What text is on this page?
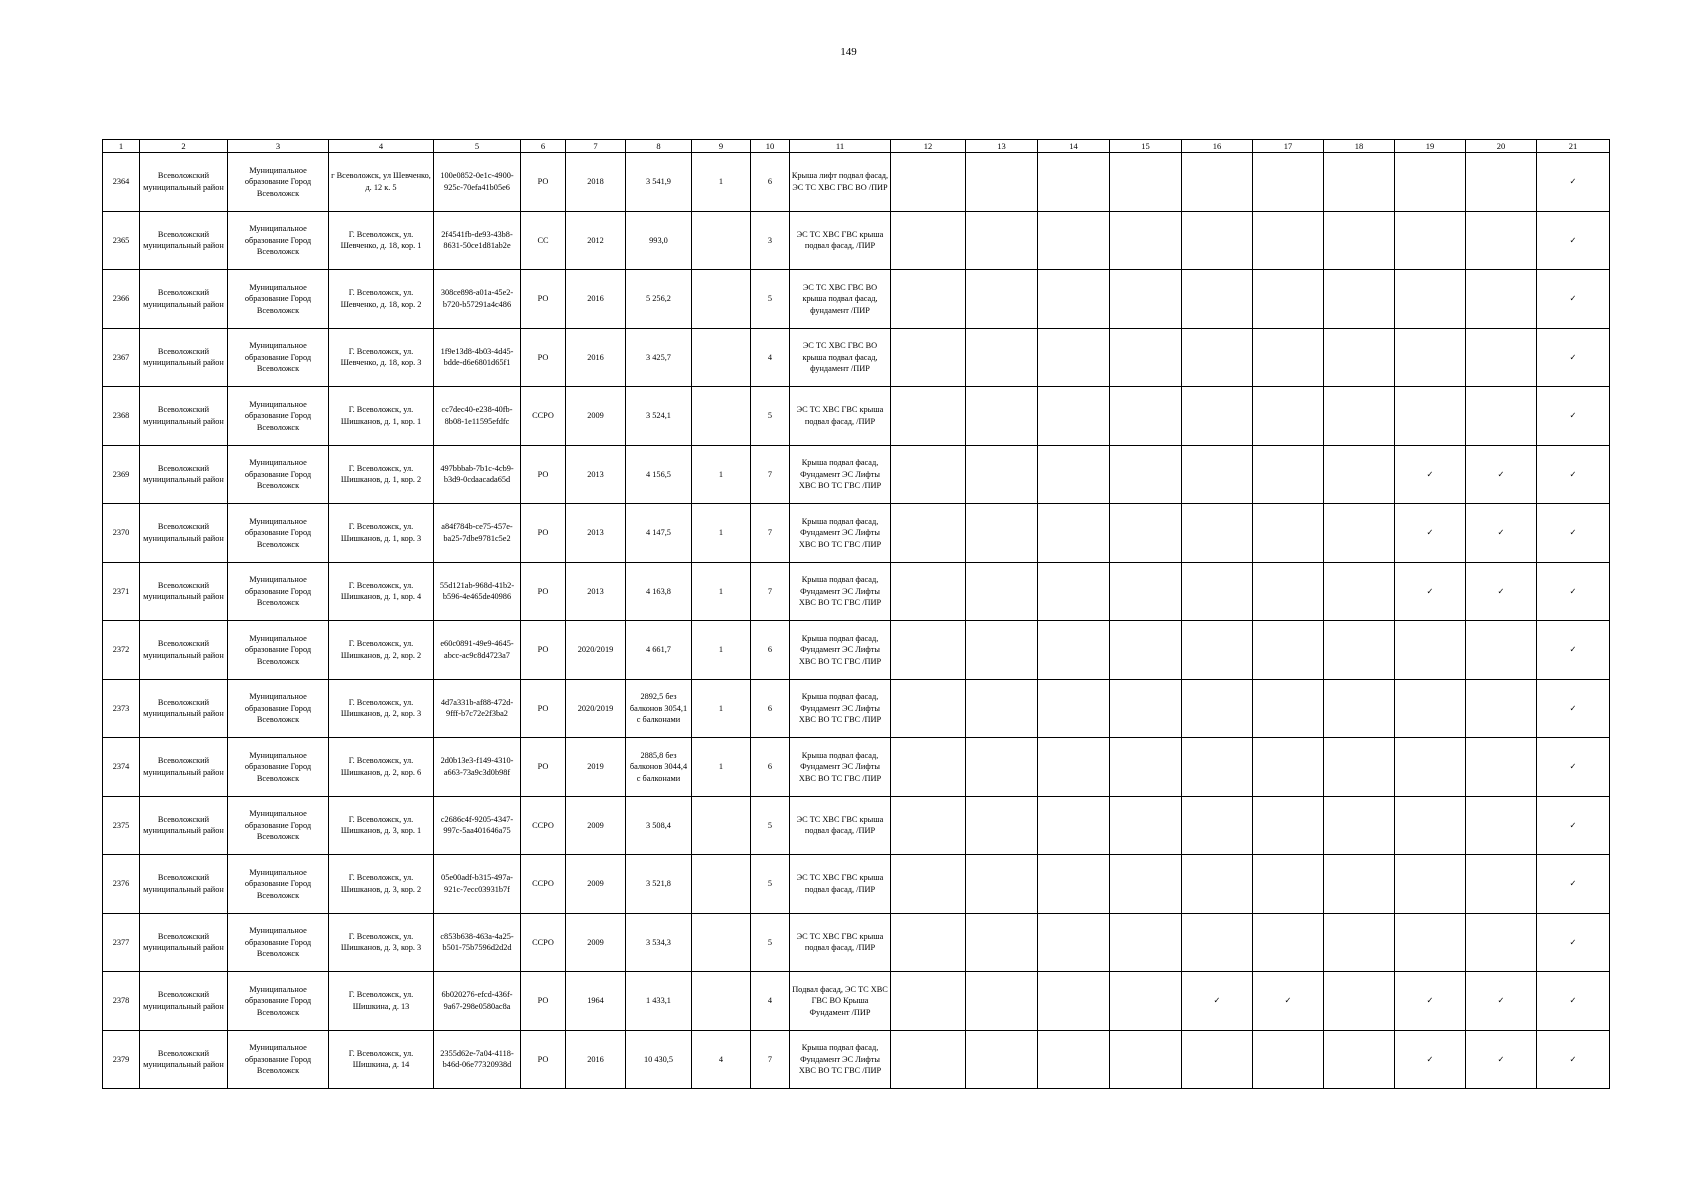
149
1	2	3	4	5	6	7	8	9	10	11	12	13	14	15	16	17	18	19	20	21
2364	Всеволожский муниципальный район	Муниципальное образование Город Всеволожск	г Всеволожск, ул Шевченко, д. 12 к. 5	100e0852-0e1c-4900-925c-70efa41b05e6	РО	2018	3 541,9	1	6	Крыша лифт подвал фасад, ЭС ТС ХВС ГВС ВО /ПИР										✓
2365	Всеволожский муниципальный район	Муниципальное образование Город Всеволожск	Г. Всеволожск, ул. Шевченко, д. 18, кор. 1	2f4541fb-de93-43b8-8631-50ce1d81ab2e	СС	2012	993,0		3	ЭС ТС ХВС ГВС крыша подвал фасад, /ПИР										✓
2366	Всеволожский муниципальный район	Муниципальное образование Город Всеволожск	Г. Всеволожск, ул. Шевченко, д. 18, кор. 2	308ce898-a01a-45e2-b720-b57291a4c486	РО	2016	5 256,2		5	ЭС ТС ХВС ГВС ВО крыша подвал фасад, фундамент /ПИР										✓
2367	Всеволожский муниципальный район	Муниципальное образование Город Всеволожск	Г. Всеволожск, ул. Шевченко, д. 18, кор. 3	1f9e13d8-4b03-4d45-bdde-d6e6801d65f1	РО	2016	3 425,7		4	ЭС ТС ХВС ГВС ВО крыша подвал фасад, фундамент /ПИР										✓
2368	Всеволожский муниципальный район	Муниципальное образование Город Всеволожск	Г. Всеволожск, ул. Шишканов, д. 1, кор. 1	cc7dec40-e238-40fb-8b08-1e11595efdfc	ССРО	2009	3 524,1		5	ЭС ТС ХВС ГВС крыша подвал фасад, /ПИР										✓
2369	Всеволожский муниципальный район	Муниципальное образование Город Всеволожск	Г. Всеволожск, ул. Шишканов, д. 1, кор. 2	497bbbab-7b1c-4cb9-b3d9-0cdaacada65d	РО	2013	4 156,5	1	7	Крыша подвал фасад, Фундамент ЭС Лифты ХВС ВО ТС ГВС /ПИР								✓	✓	✓
2370	Всеволожский муниципальный район	Муниципальное образование Город Всеволожск	Г. Всеволожск, ул. Шишканов, д. 1, кор. 3	a84f784b-ce75-457e-ba25-7dbe9781c5e2	РО	2013	4 147,5	1	7	Крыша подвал фасад, Фундамент ЭС Лифты ХВС ВО ТС ГВС /ПИР								✓	✓	✓
2371	Всеволожский муниципальный район	Муниципальное образование Город Всеволожск	Г. Всеволожск, ул. Шишканов, д. 1, кор. 4	55d121ab-968d-41b2-b596-4e465de40986	РО	2013	4 163,8	1	7	Крыша подвал фасад, Фундамент ЭС Лифты ХВС ВО ТС ГВС /ПИР								✓	✓	✓
2372	Всеволожский муниципальный район	Муниципальное образование Город Всеволожск	Г. Всеволожск, ул. Шишканов, д. 2, кор. 2	e60c0891-49e9-4645-abcc-ac9c8d4723a7	РО	2020/2019	4 661,7	1	6	Крыша подвал фасад, Фундамент ЭС Лифты ХВС ВО ТС ГВС /ПИР										✓
2373	Всеволожский муниципальный район	Муниципальное образование Город Всеволожск	Г. Всеволожск, ул. Шишканов, д. 2, кор. 3	4d7a331b-af88-472d-9fff-b7c72e2f3ba2	РО	2020/2019	2892,5 без балконов 3054,1 с балконами	1	6	Крыша подвал фасад, Фундамент ЭС Лифты ХВС ВО ТС ГВС /ПИР										✓
2374	Всеволожский муниципальный район	Муниципальное образование Город Всеволожск	Г. Всеволожск, ул. Шишканов, д. 2, кор. 6	2d0b13e3-f149-4310-a663-73a9c3d0b98f	РО	2019	2885,8 без балконов 3044,4 с балконами	1	6	Крыша подвал фасад, Фундамент ЭС Лифты ХВС ВО ТС ГВС /ПИР										✓
2375	Всеволожский муниципальный район	Муниципальное образование Город Всеволожск	Г. Всеволожск, ул. Шишканов, д. 3, кор. 1	c2686c4f-9205-4347-997c-5aa401646a75	ССРО	2009	3 508,4		5	ЭС ТС ХВС ГВС крыша подвал фасад, /ПИР										✓
2376	Всеволожский муниципальный район	Муниципальное образование Город Всеволожск	Г. Всеволожск, ул. Шишканов, д. 3, кор. 2	05e00adf-b315-497a-921c-7ecc03931b7f	ССРО	2009	3 521,8		5	ЭС ТС ХВС ГВС крыша подвал фасад, /ПИР										✓
2377	Всеволожский муниципальный район	Муниципальное образование Город Всеволожск	Г. Всеволожск, ул. Шишканов, д. 3, кор. 3	c853b638-463a-4a25-b501-75b7596d2d2d	ССРО	2009	3 534,3		5	ЭС ТС ХВС ГВС крыша подвал фасад, /ПИР										✓
2378	Всеволожский муниципальный район	Муниципальное образование Город Всеволожск	Г. Всеволожск, ул. Шишкина, д. 13	6b020276-efcd-436f-9a67-298e0580ac8a	РО	1964	1 433,1		4	Подвал фасад, ЭС ТС ХВС ГВС ВО Крыша Фундамент /ПИР					✓	✓		✓	✓	✓
2379	Всеволожский муниципальный район	Муниципальное образование Город Всеволожск	Г. Всеволожск, ул. Шишкина, д. 14	2355d62e-7a04-4118-b46d-06e77320938d	РО	2016	10 430,5	4	7	Крыша подвал фасад, Фундамент ЭС Лифты ХВС ВО ТС ГВС /ПИР								✓	✓	✓
